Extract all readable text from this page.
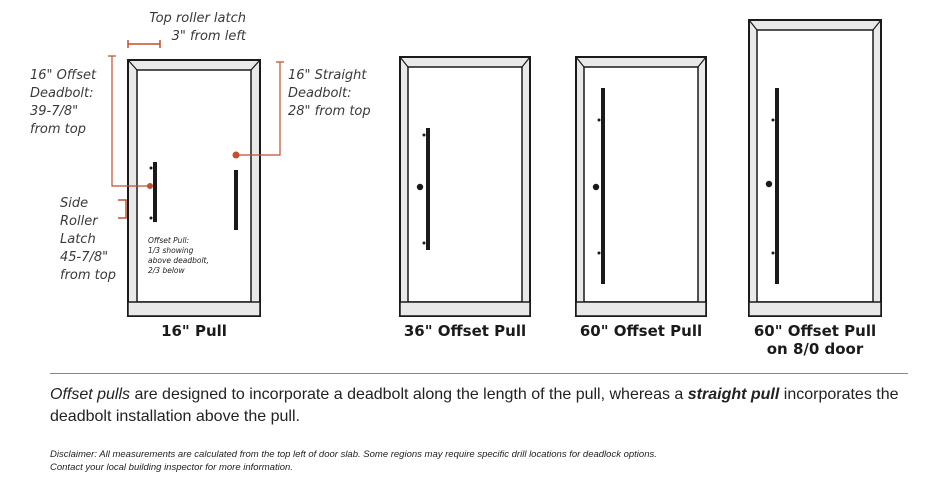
Top roller latch
3" from left
16" Offset
Deadbolt:
39-7/8"
from top
16" Straight
Deadbolt:
28" from top
Side
Roller
Latch
45-7/8"
from top
Offset Pull:
1/3 showing
above deadbolt,
2/3 below
16" Pull	36" Offset Pull	60" Offset Pull	60" Offset Pull
on 8/0 door
Offset pulls are designed to incorporate a deadbolt along the length of the pull, whereas a straight pull incorporates the deadbolt installation above the pull.
Disclaimer: All measurements are calculated from the top left of door slab. Some regions may require specific drill locations for deadlock options.
Contact your local building inspector for more information.
